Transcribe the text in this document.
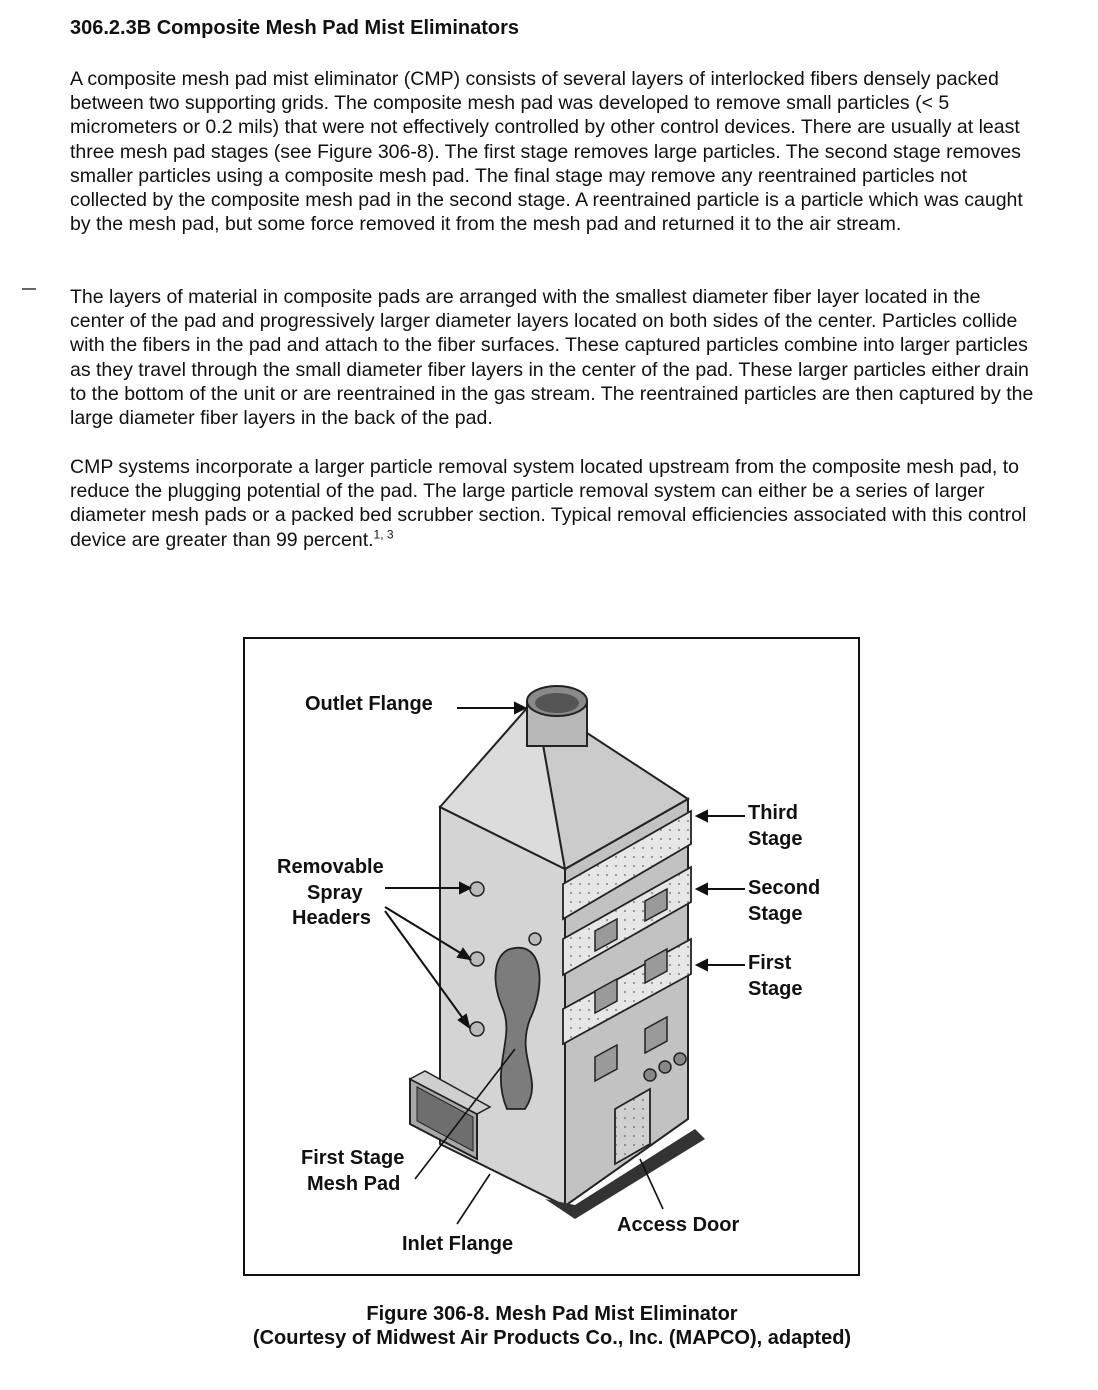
306.2.3B Composite Mesh Pad Mist Eliminators

A composite mesh pad mist eliminator (CMP) consists of several layers of interlocked fibers densely packed between two supporting grids. The composite mesh pad was developed to remove small particles (< 5 micrometers or 0.2 mils) that were not effectively controlled by other control devices. There are usually at least three mesh pad stages (see Figure 306-8). The first stage removes large particles. The second stage removes smaller particles using a composite mesh pad. The final stage may remove any reentrained particles not collected by the composite mesh pad in the second stage. A reentrained particle is a particle which was caught by the mesh pad, but some force removed it from the mesh pad and returned it to the air stream.

The layers of material in composite pads are arranged with the smallest diameter fiber layer located in the center of the pad and progressively larger diameter layers located on both sides of the center. Particles collide with the fibers in the pad and attach to the fiber surfaces. These captured particles combine into larger particles as they travel through the small diameter fiber layers in the center of the pad. These larger particles either drain to the bottom of the unit or are reentrained in the gas stream. The reentrained particles are then captured by the large diameter fiber layers in the back of the pad.

CMP systems incorporate a larger particle removal system located upstream from the composite mesh pad, to reduce the plugging potential of the pad. The large particle removal system can either be a series of larger diameter mesh pads or a packed bed scrubber section. Typical removal efficiencies associated with this control device are greater than 99 percent.$^{1, 3}$

Outlet Flange
Third
Stage
Second
Stage
First
Stage
Removable
Spray
Headers
First Stage
Mesh Pad
Access Door
Inlet Flange

Figure 306-8. Mesh Pad Mist Eliminator

(Courtesy of Midwest Air Products Co., Inc. (MAPCO), adapted)
